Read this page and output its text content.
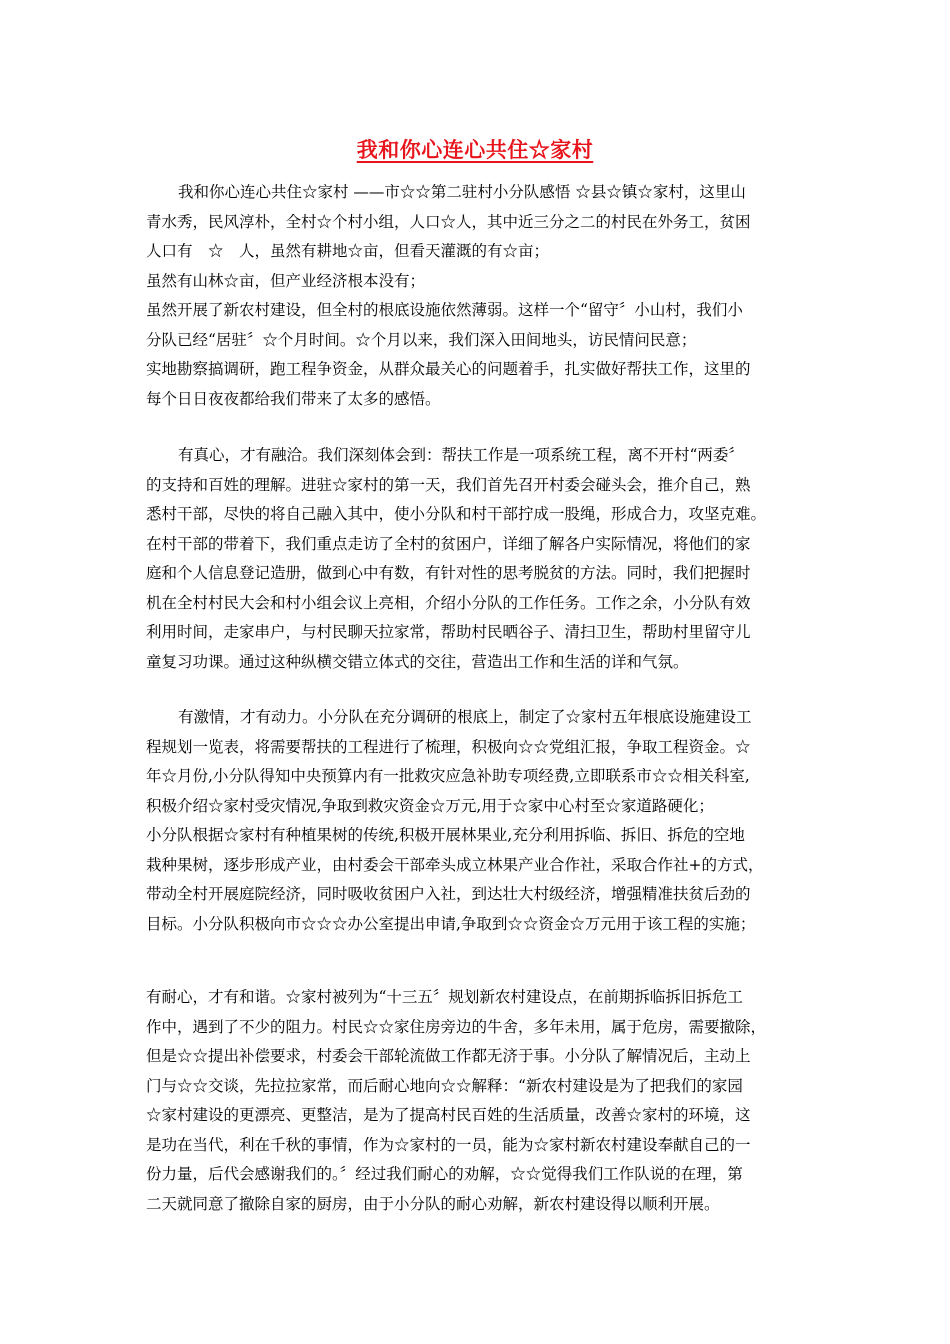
我和你心连心共住☆家村
我和你心连心共住☆家村 ——市☆☆第二驻村小分队感悟 ☆县☆镇☆家村，这里山
青水秀，民风淳朴，全村☆个村小组，人口☆人，其中近三分之二的村民在外务工，贫困
人口有　☆　人，虽然有耕地☆亩，但看天灌溉的有☆亩；
虽然有山林☆亩，但产业经济根本没有；
虽然开展了新农村建设，但全村的根底设施依然薄弱。这样一个“留守〞小山村，我们小
分队已经“居驻〞☆个月时间。☆个月以来，我们深入田间地头，访民情问民意；
实地勘察搞调研，跑工程争资金，从群众最关心的问题着手，扎实做好帮扶工作，这里的
每个日日夜夜都给我们带来了太多的感悟。
有真心，才有融洽。我们深刻体会到：帮扶工作是一项系统工程，离不开村“两委〞
的支持和百姓的理解。进驻☆家村的第一天，我们首先召开村委会碰头会，推介自己，熟
悉村干部，尽快的将自己融入其中，使小分队和村干部拧成一股绳，形成合力，攻坚克难。
在村干部的带着下，我们重点走访了全村的贫困户，详细了解各户实际情况，将他们的家
庭和个人信息登记造册，做到心中有数，有针对性的思考脱贫的方法。同时，我们把握时
机在全村村民大会和村小组会议上亮相，介绍小分队的工作任务。工作之余，小分队有效
利用时间，走家串户，与村民聊天拉家常，帮助村民晒谷子、清扫卫生，帮助村里留守儿
童复习功课。通过这种纵横交错立体式的交往，营造出工作和生活的详和气氛。
有激情，才有动力。小分队在充分调研的根底上，制定了☆家村五年根底设施建设工
程规划一览表，将需要帮扶的工程进行了梳理，积极向☆☆党组汇报，争取工程资金。☆
年☆月份,小分队得知中央预算内有一批救灾应急补助专项经费,立即联系市☆☆相关科室,
积极介绍☆家村受灾情况,争取到救灾资金☆万元,用于☆家中心村至☆家道路硬化；
小分队根据☆家村有种植果树的传统,积极开展林果业,充分利用拆临、拆旧、拆危的空地
栽种果树，逐步形成产业，由村委会干部牵头成立林果产业合作社，采取合作社+的方式，
带动全村开展庭院经济，同时吸收贫困户入社，到达壮大村级经济，增强精准扶贫后劲的
目标。小分队积极向市☆☆☆办公室提出申请,争取到☆☆资金☆万元用于该工程的实施；
有耐心，才有和谐。☆家村被列为“十三五〞规划新农村建设点，在前期拆临拆旧拆危工
作中，遇到了不少的阻力。村民☆☆家住房旁边的牛舍，多年未用，属于危房，需要撤除，
但是☆☆提出补偿要求，村委会干部轮流做工作都无济于事。小分队了解情况后，主动上
门与☆☆交谈，先拉拉家常，而后耐心地向☆☆解释：“新农村建设是为了把我们的家园
☆家村建设的更漂亮、更整洁，是为了提高村民百姓的生活质量，改善☆家村的环境，这
是功在当代，利在千秋的事情，作为☆家村的一员，能为☆家村新农村建设奉献自己的一
份力量，后代会感谢我们的。〞经过我们耐心的劝解，☆☆觉得我们工作队说的在理，第
二天就同意了撤除自家的厨房，由于小分队的耐心劝解，新农村建设得以顺利开展。
